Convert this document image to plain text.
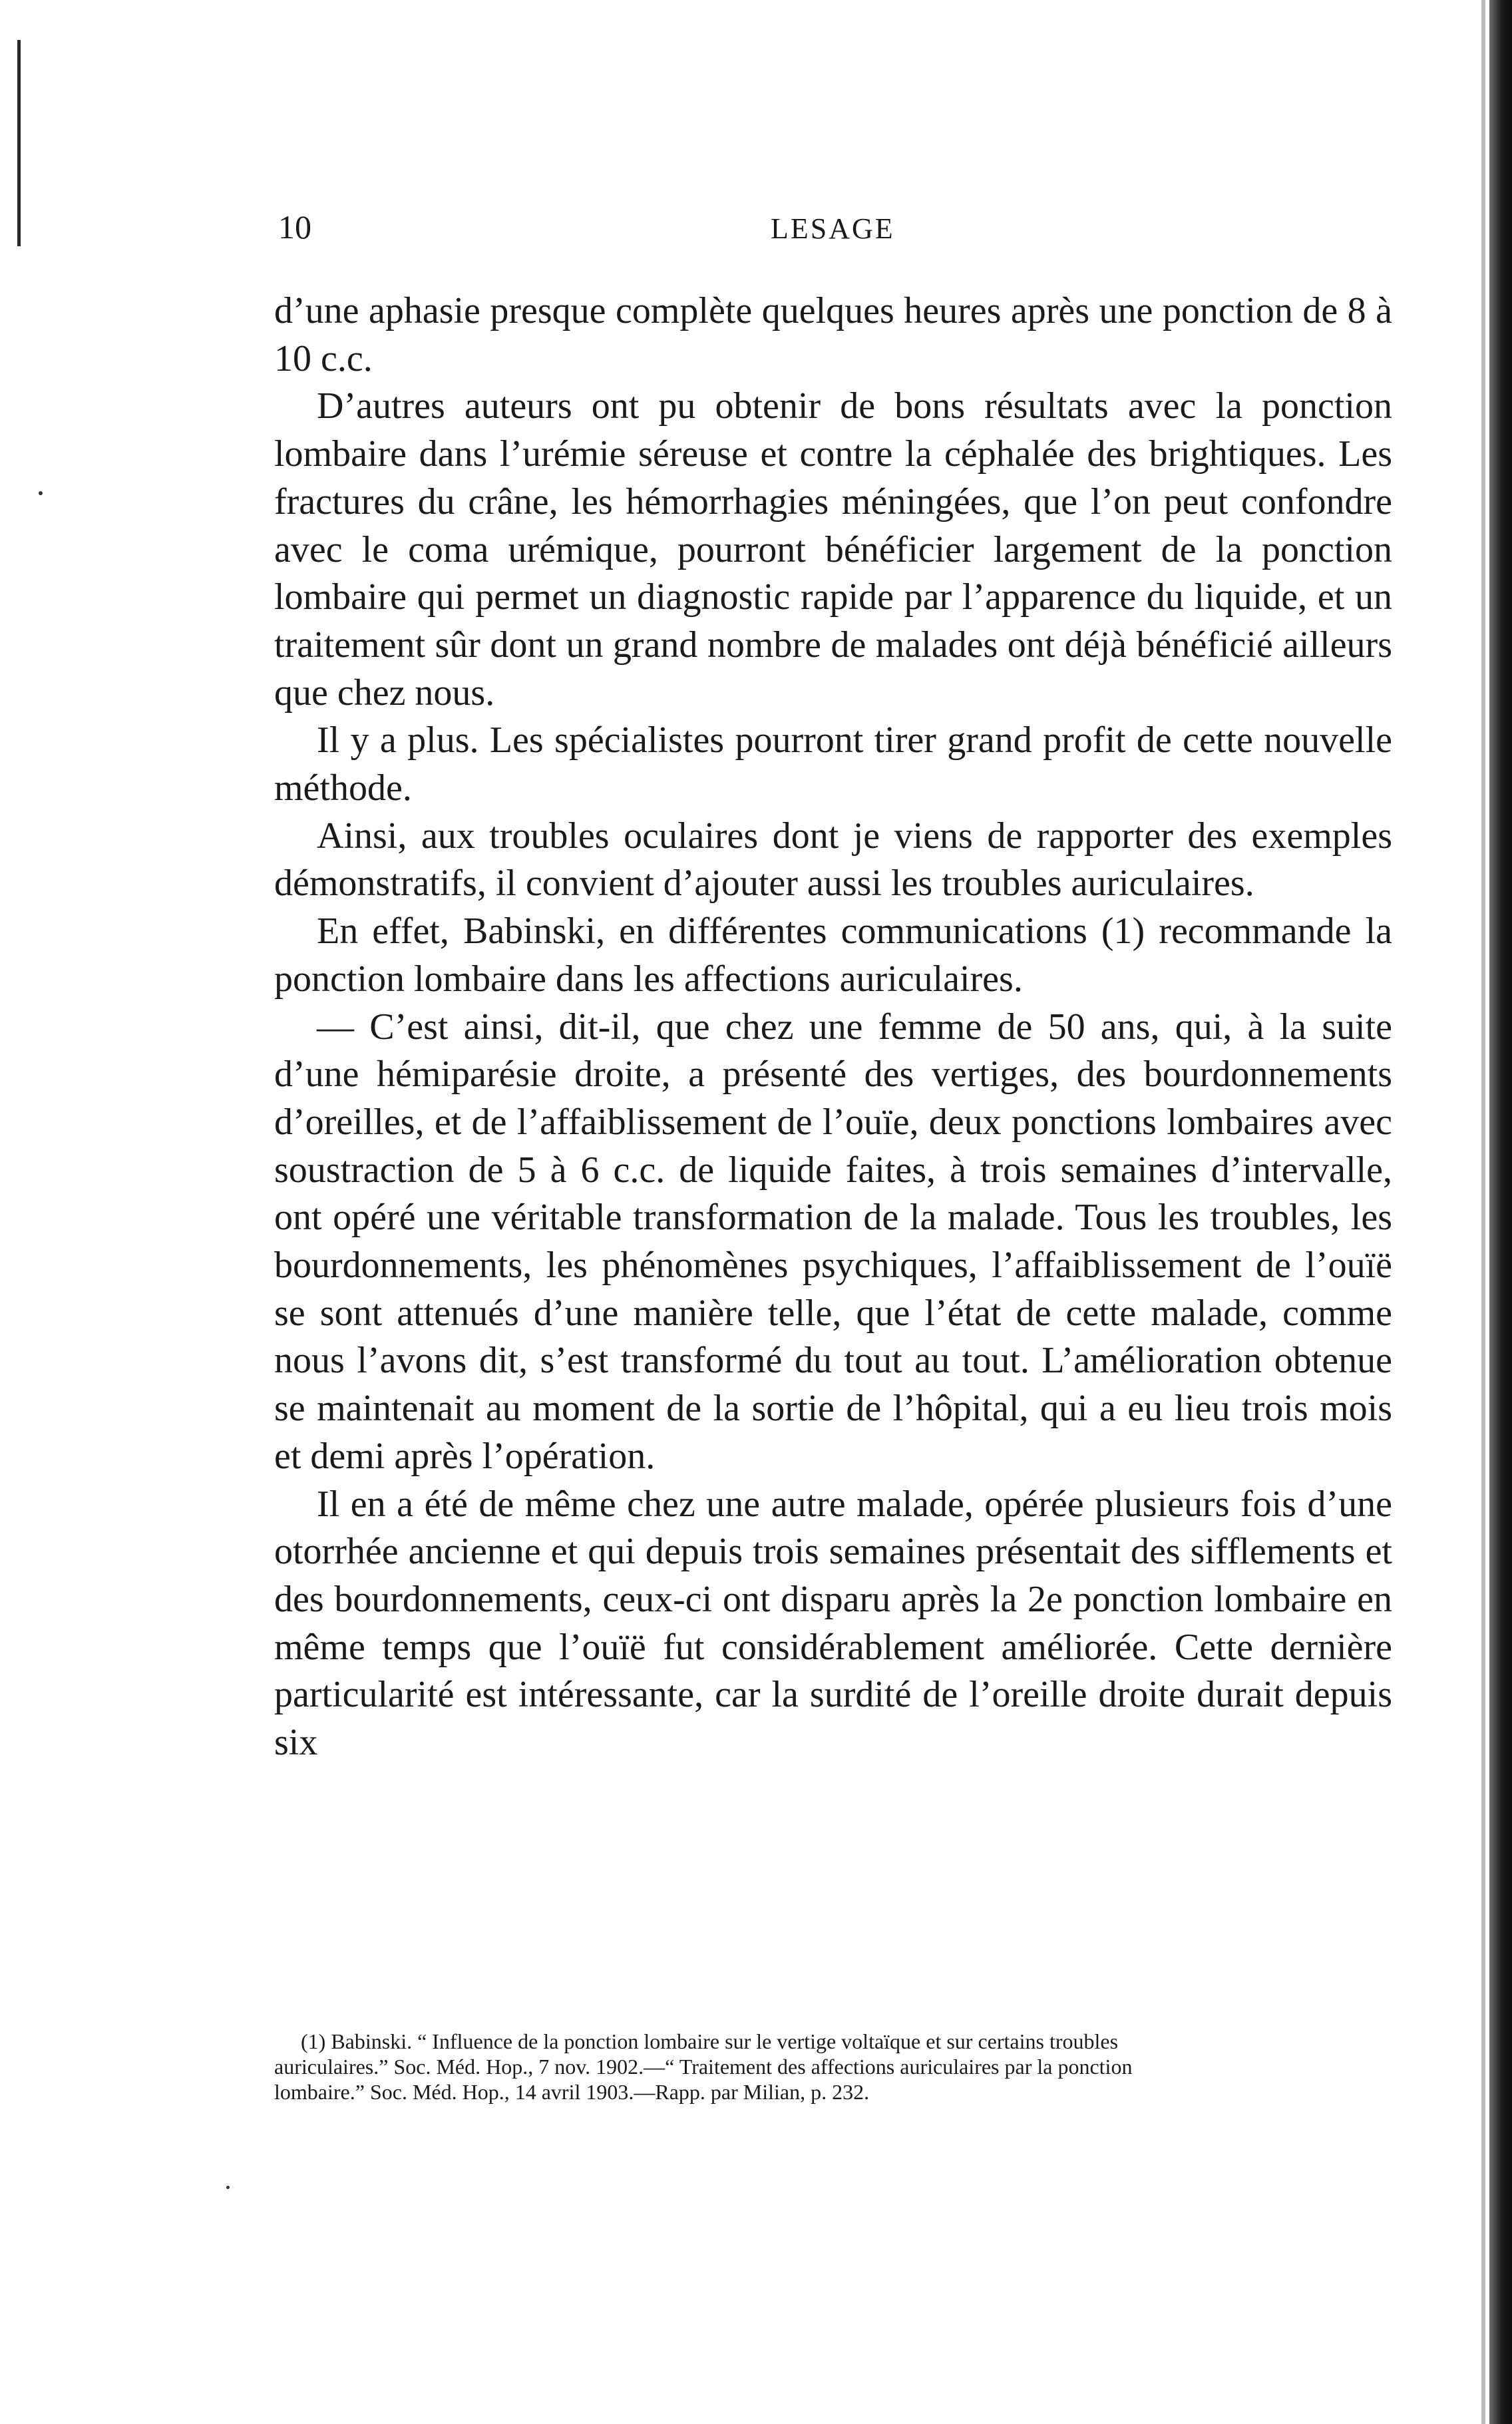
10	LESAGE

d’une aphasie presque complète quelques heures après une ponction de 8 à 10 c.c.

D’autres auteurs ont pu obtenir de bons résultats avec la ponction lombaire dans l’urémie séreuse et contre la céphalée des brightiques. Les fractures du crâne, les hémorrhagies méningées, que l’on peut confondre avec le coma urémique, pourront bénéficier largement de la ponction lombaire qui permet un diagnostic rapide par l’apparence du liquide, et un traitement sûr dont un grand nombre de malades ont déjà bénéficié ailleurs que chez nous.

Il y a plus. Les spécialistes pourront tirer grand profit de cette nouvelle méthode.

Ainsi, aux troubles oculaires dont je viens de rapporter des exemples démonstratifs, il convient d’ajouter aussi les troubles auriculaires.

En effet, Babinski, en différentes communications (1) recommande la ponction lombaire dans les affections auriculaires.

— C’est ainsi, dit-il, que chez une femme de 50 ans, qui, à la suite d’une hémiparésie droite, a présenté des vertiges, des bourdonnements d’oreilles, et de l’affaiblissement de l’ouïe, deux ponctions lombaires avec soustraction de 5 à 6 c.c. de liquide faites, à trois semaines d’intervalle, ont opéré une véritable transformation de la malade. Tous les troubles, les bourdonnements, les phénomènes psychiques, l’affaiblissement de l’ouïë se sont attenués d’une manière telle, que l’état de cette malade, comme nous l’avons dit, s’est transformé du tout au tout. L’amélioration obtenue se maintenait au moment de la sortie de l’hôpital, qui a eu lieu trois mois et demi après l’opération.

Il en a été de même chez une autre malade, opérée plusieurs fois d’une otorrhée ancienne et qui depuis trois semaines présentait des sifflements et des bourdonnements, ceux-ci ont disparu après la 2e ponction lombaire en même temps que l’ouïë fut considérablement améliorée. Cette dernière particularité est intéressante, car la surdité de l’oreille droite durait depuis six

(1) Babinski. “ Influence de la ponction lombaire sur le vertige voltaïque et sur certains troubles
auriculaires.” Soc. Méd. Hop., 7 nov. 1902.—“ Traitement des affections auriculaires par la ponction
lombaire.” Soc. Méd. Hop., 14 avril 1903.—Rapp. par Milian, p. 232.
